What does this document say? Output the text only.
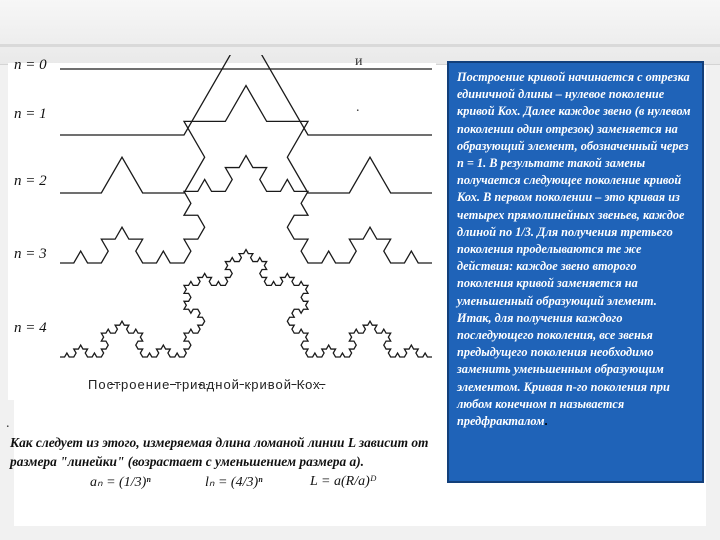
n = 0
n = 1
n = 2
n = 3
n = 4
Построение триадной кривой Кох.
и
.
.
Построение кривой начинается с отрезка единичной длины – нулевое поколение кривой Кох. Далее каждое звено (в нулевом поколении один отрезок) заменяется на образующий элемент, обозначенный через n = 1. В результате такой замены получается следующее поколение кривой Кох. В первом поколении – это кривая из четырех прямолинейных звеньев, каждое длиной по 1/3. Для получения третьего поколения проделываются те же действия: каждое звено второго поколения кривой заменяется на уменьшенный образующий элемент. Итак, для получения каждого последующего поколения, все звенья предыдущего поколения необходимо заменить уменьшенным образующим элементом. Кривая n-го поколения при любом конечном n называется предфракталом.
Как следует из этого, измеряемая длина ломаной линии L зависит от размера "линейки" (возрастает с уменьшением размера a).
aₙ = (1/3)ⁿ	lₙ = (4/3)ⁿ	L = a(R/a)ᴰ
